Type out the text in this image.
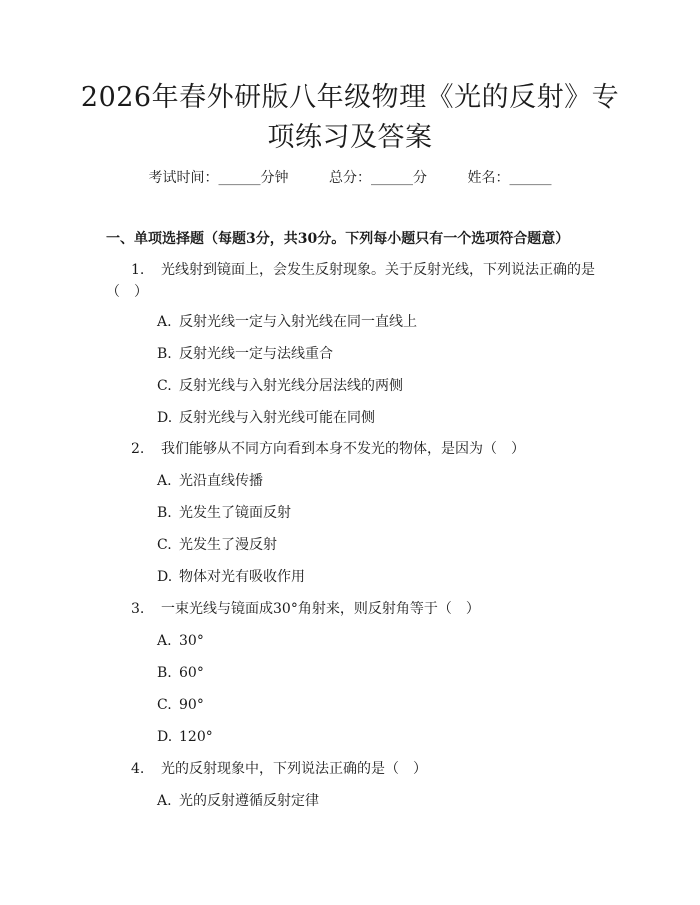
2026年春外研版八年级物理《光的反射》专
项练习及答案
考试时间：______分钟	总分：______分	姓名：______
一、单项选择题（每题3分，共30分。下列每小题只有一个选项符合题意）
1. 光线射到镜面上，会发生反射现象。关于反射光线，下列说法正确的是（　）
A. 反射光线一定与入射光线在同一直线上
B. 反射光线一定与法线重合
C. 反射光线与入射光线分居法线的两侧
D. 反射光线与入射光线可能在同侧
2. 我们能够从不同方向看到本身不发光的物体，是因为（　）
A. 光沿直线传播
B. 光发生了镜面反射
C. 光发生了漫反射
D. 物体对光有吸收作用
3. 一束光线与镜面成30°角射来，则反射角等于（　）
A. 30°
B. 60°
C. 90°
D. 120°
4. 光的反射现象中，下列说法正确的是（　）
A. 光的反射遵循反射定律
